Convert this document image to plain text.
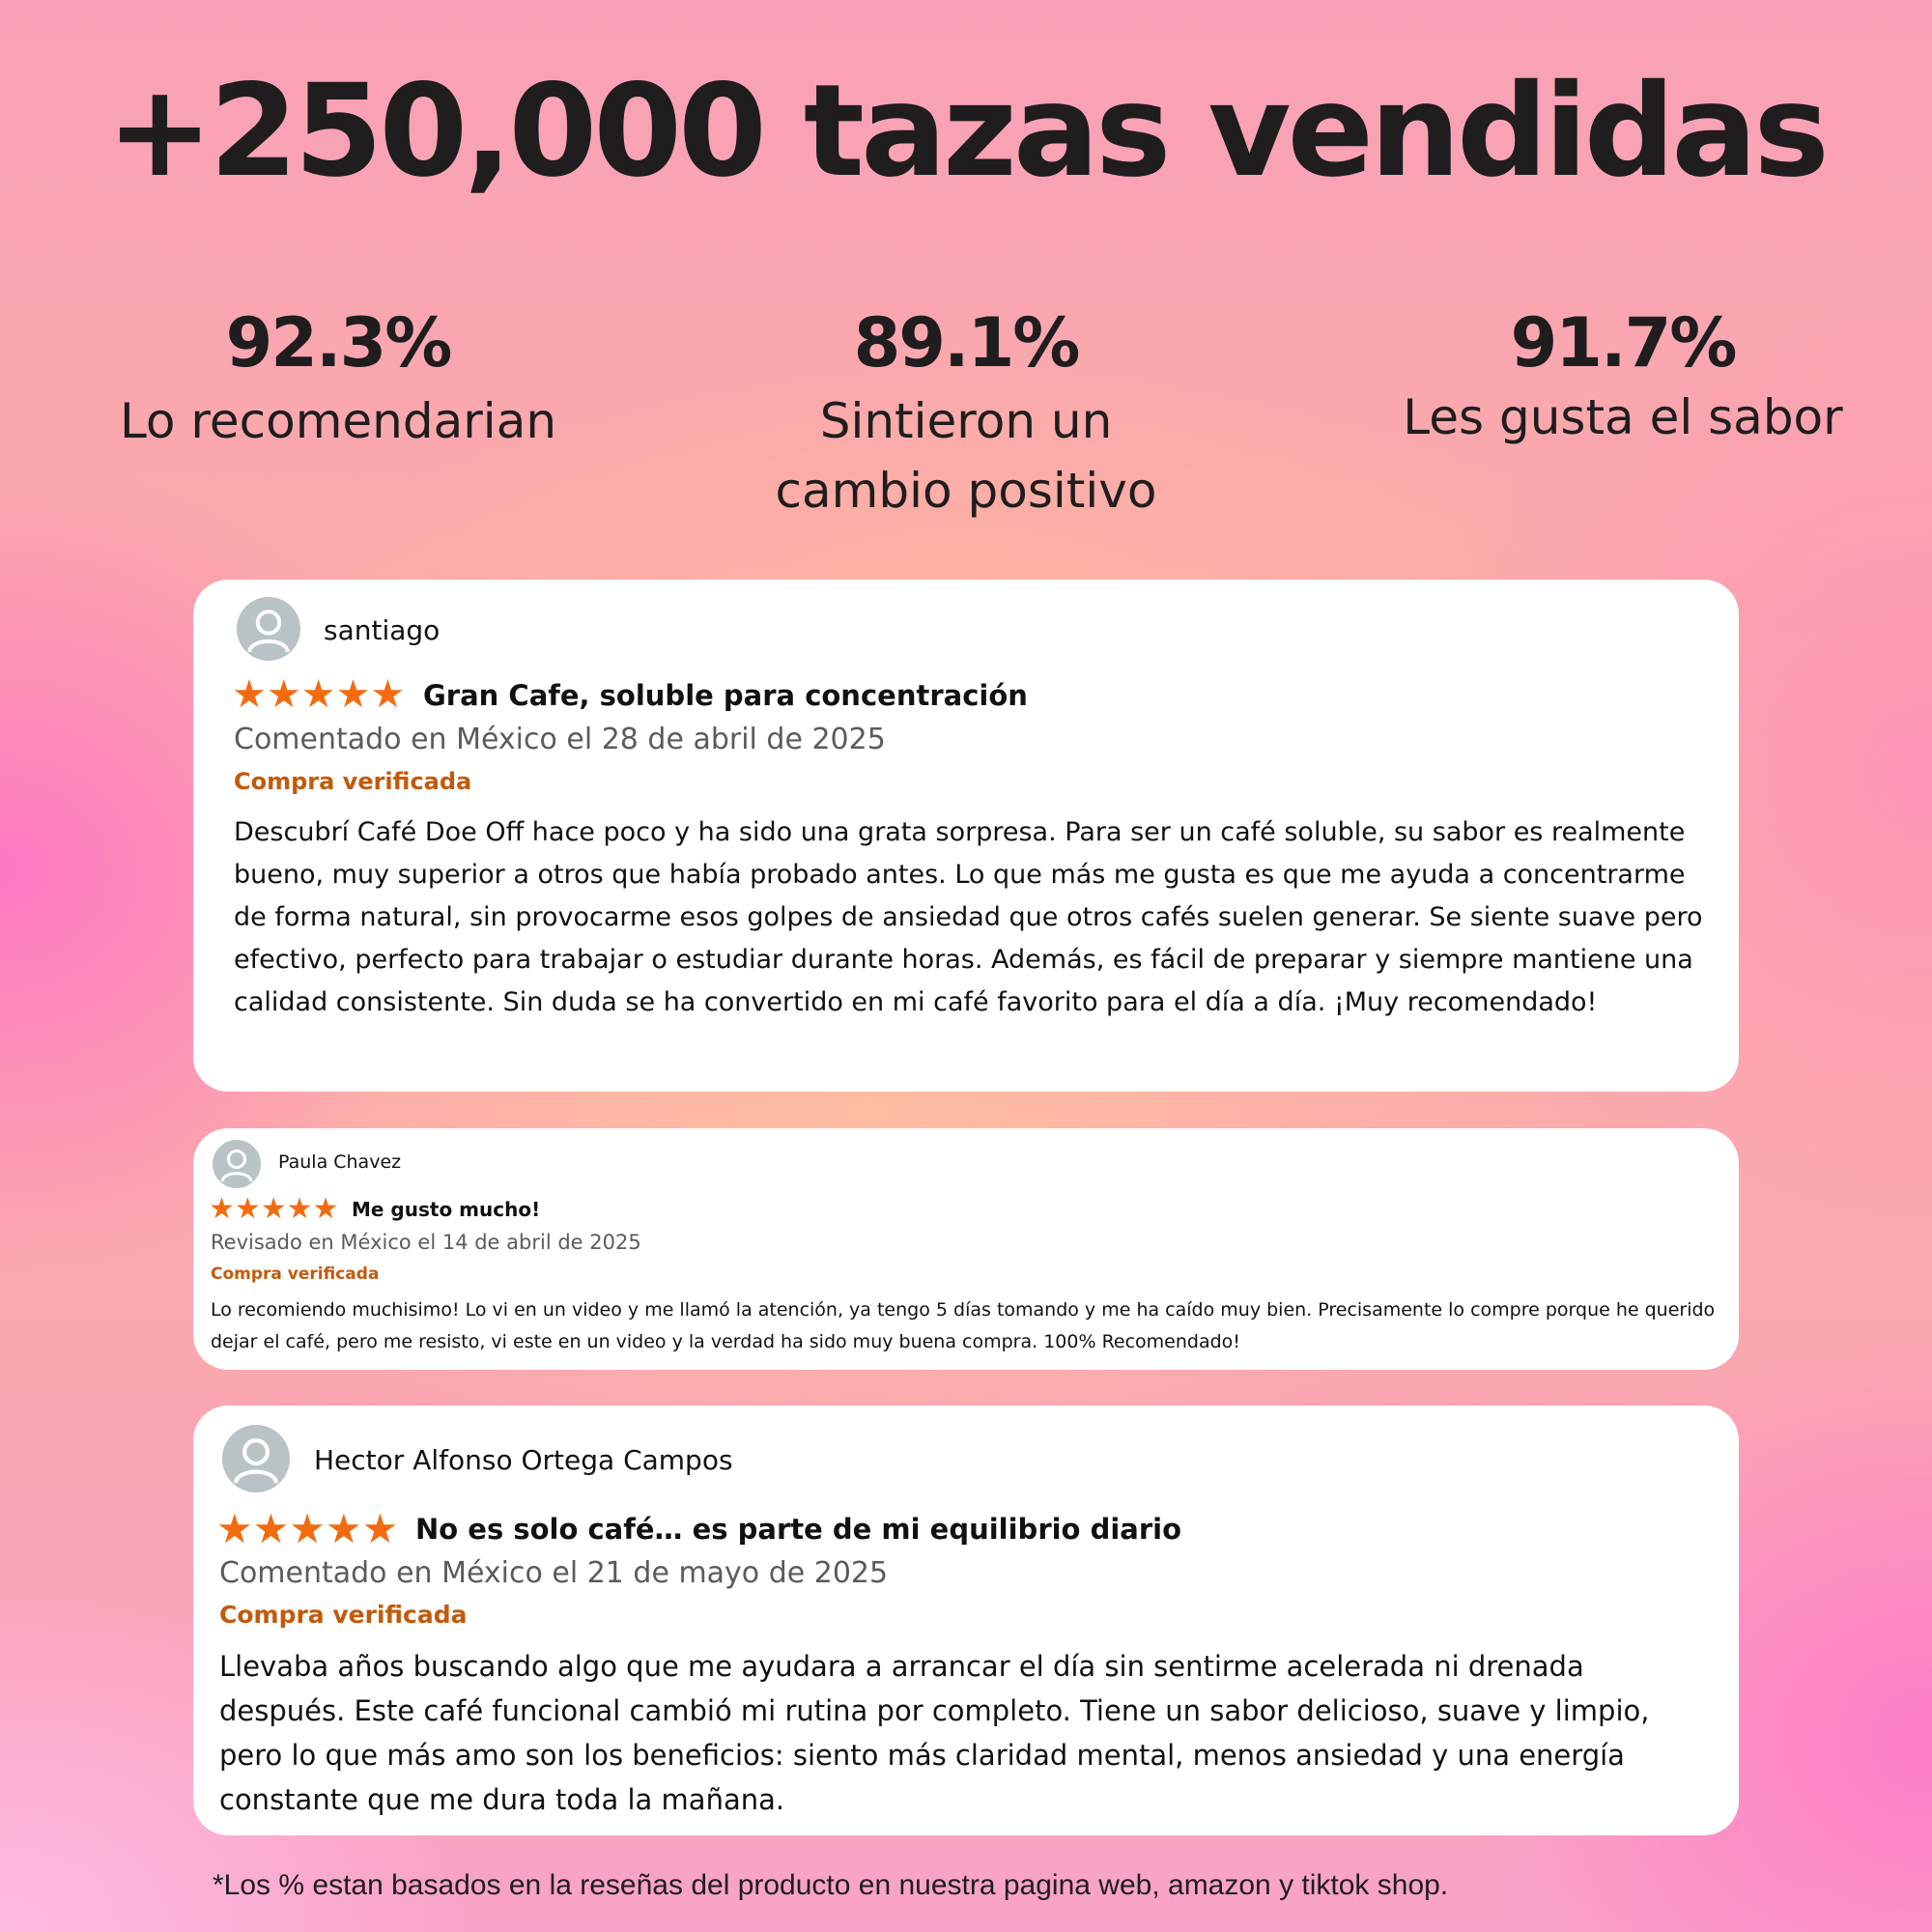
+250,000 tazas vendidas
92.3%
Lo recomendarian
89.1%
Sintieron un cambio positivo
91.7%
Les gusta el sabor
santiago
★★★★★ Gran Cafe, soluble para concentración
Comentado en México el 28 de abril de 2025
Compra verificada
Descubrí Café Doe Off hace poco y ha sido una grata sorpresa. Para ser un café soluble, su sabor es realmente bueno, muy superior a otros que había probado antes. Lo que más me gusta es que me ayuda a concentrarme de forma natural, sin provocarme esos golpes de ansiedad que otros cafés suelen generar. Se siente suave pero efectivo, perfecto para trabajar o estudiar durante horas. Además, es fácil de preparar y siempre mantiene una calidad consistente. Sin duda se ha convertido en mi café favorito para el día a día. ¡Muy recomendado!
Paula Chavez
★★★★★ Me gusto mucho!
Revisado en México el 14 de abril de 2025
Compra verificada
Lo recomiendo muchisimo! Lo vi en un video y me llamó la atención, ya tengo 5 días tomando y me ha caído muy bien. Precisamente lo compre porque he querido dejar el café, pero me resisto, vi este en un video y la verdad ha sido muy buena compra. 100% Recomendado!
Hector Alfonso Ortega Campos
★★★★★ No es solo café… es parte de mi equilibrio diario
Comentado en México el 21 de mayo de 2025
Compra verificada
Llevaba años buscando algo que me ayudara a arrancar el día sin sentirme acelerada ni drenada después. Este café funcional cambió mi rutina por completo. Tiene un sabor delicioso, suave y limpio, pero lo que más amo son los beneficios: siento más claridad mental, menos ansiedad y una energía constante que me dura toda la mañana.
*Los % estan basados en la reseñas del producto en nuestra pagina web, amazon y tiktok shop.
